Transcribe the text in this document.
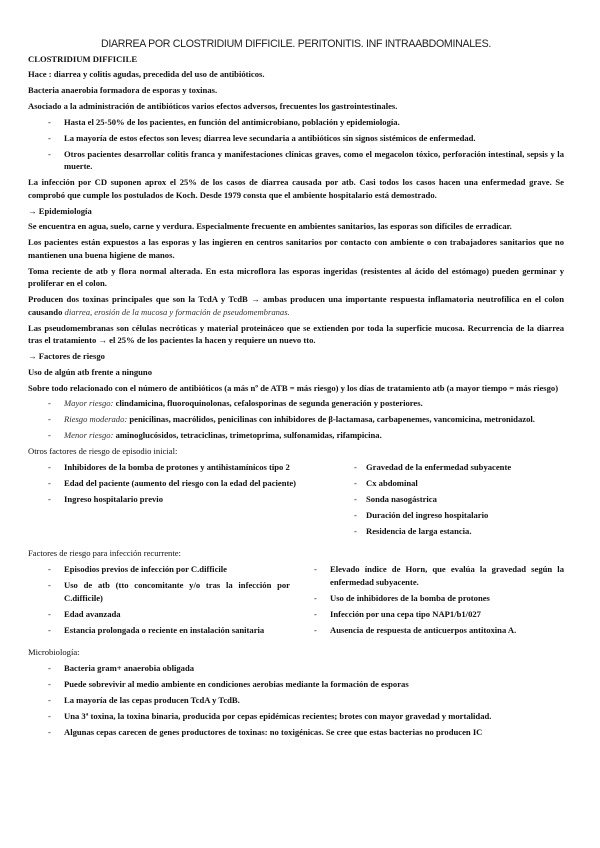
DIARREA POR CLOSTRIDIUM DIFFICILE. PERITONITIS. INF INTRAABDOMINALES.
CLOSTRIDIUM DIFFICILE
Hace : diarrea y colitis agudas, precedida del uso de antibióticos.
Bacteria anaerobia formadora de esporas y toxinas.
Asociado a la administración de antibióticos varios efectos adversos, frecuentes los gastrointestinales.
- Hasta el 25-50% de los pacientes, en función del antimicrobiano, población y epidemiología.
- La mayoría de estos efectos son leves; diarrea leve secundaria a antibióticos sin signos sistémicos de enfermedad.
- Otros pacientes desarrollar colitis franca y manifestaciones clínicas graves, como el megacolon tóxico, perforación intestinal, sepsis y la muerte.
La infección por CD suponen aprox el 25% de los casos de diarrea causada por atb. Casi todos los casos hacen una enfermedad grave. Se comprobó que cumple los postulados de Koch. Desde 1979 consta que el ambiente hospitalario está demostrado.
→ Epidemiología
Se encuentra en agua, suelo, carne y verdura. Especialmente frecuente en ambientes sanitarios, las esporas son difíciles de erradicar.
Los pacientes están expuestos a las esporas y las ingieren en centros sanitarios por contacto con ambiente o con trabajadores sanitarios que no mantienen una buena higiene de manos.
Toma reciente de atb y flora normal alterada. En esta microflora las esporas ingeridas (resistentes al ácido del estómago) pueden germinar y proliferar en el colon.
Producen dos toxinas principales que son la TcdA y TcdB → ambas producen una importante respuesta inflamatoria neutrofílica en el colon causando diarrea, erosión de la mucosa y formación de pseudomembranas.
Las pseudomembranas son células necróticas y material proteináceo que se extienden por toda la superficie mucosa. Recurrencia de la diarrea tras el tratamiento → el 25% de los pacientes la hacen y requiere un nuevo tto.
→ Factores de riesgo
Uso de algún atb frente a ninguno
Sobre todo relacionado con el número de antibióticos (a más nº de ATB = más riesgo) y los días de tratamiento atb (a mayor tiempo = más riesgo)
- Mayor riesgo: clindamicina, fluoroquinolonas, cefalosporinas de segunda generación y posteriores.
- Riesgo moderado: penicilinas, macrólidos, penicilinas con inhibidores de β-lactamasa, carbapenemes, vancomicina, metronidazol.
- Menor riesgo: aminoglucósidos, tetraciclinas, trimetoprima, sulfonamidas, rifampicina.
Otros factores de riesgo de episodio inicial:
- Inhibidores de la bomba de protones y antihistamínicos tipo 2
- Edad del paciente (aumento del riesgo con la edad del paciente)
- Ingreso hospitalario previo
- Gravedad de la enfermedad subyacente
- Cx abdominal
- Sonda nasogástrica
- Duración del ingreso hospitalario
- Residencia de larga estancia.
Factores de riesgo para infección recurrente:
- Episodios previos de infección por C.difficile
- Uso de atb (tto concomitante y/o tras la infección por C.difficile)
- Edad avanzada
- Estancia prolongada o reciente en instalación sanitaria
- Elevado índice de Horn, que evalúa la gravedad según la enfermedad subyacente.
- Uso de inhibidores de la bomba de protones
- Infección por una cepa tipo NAP1/b1/027
- Ausencia de respuesta de anticuerpos antitoxina A.
Microbiología:
- Bacteria gram+ anaerobia obligada
- Puede sobrevivir al medio ambiente en condiciones aerobias mediante la formación de esporas
- La mayoría de las cepas producen TcdA y TcdB.
- Una 3ª toxina, la toxina binaria, producida por cepas epidémicas recientes; brotes con mayor gravedad y mortalidad.
- Algunas cepas carecen de genes productores de toxinas: no toxigénicas. Se cree que estas bacterias no producen IC
